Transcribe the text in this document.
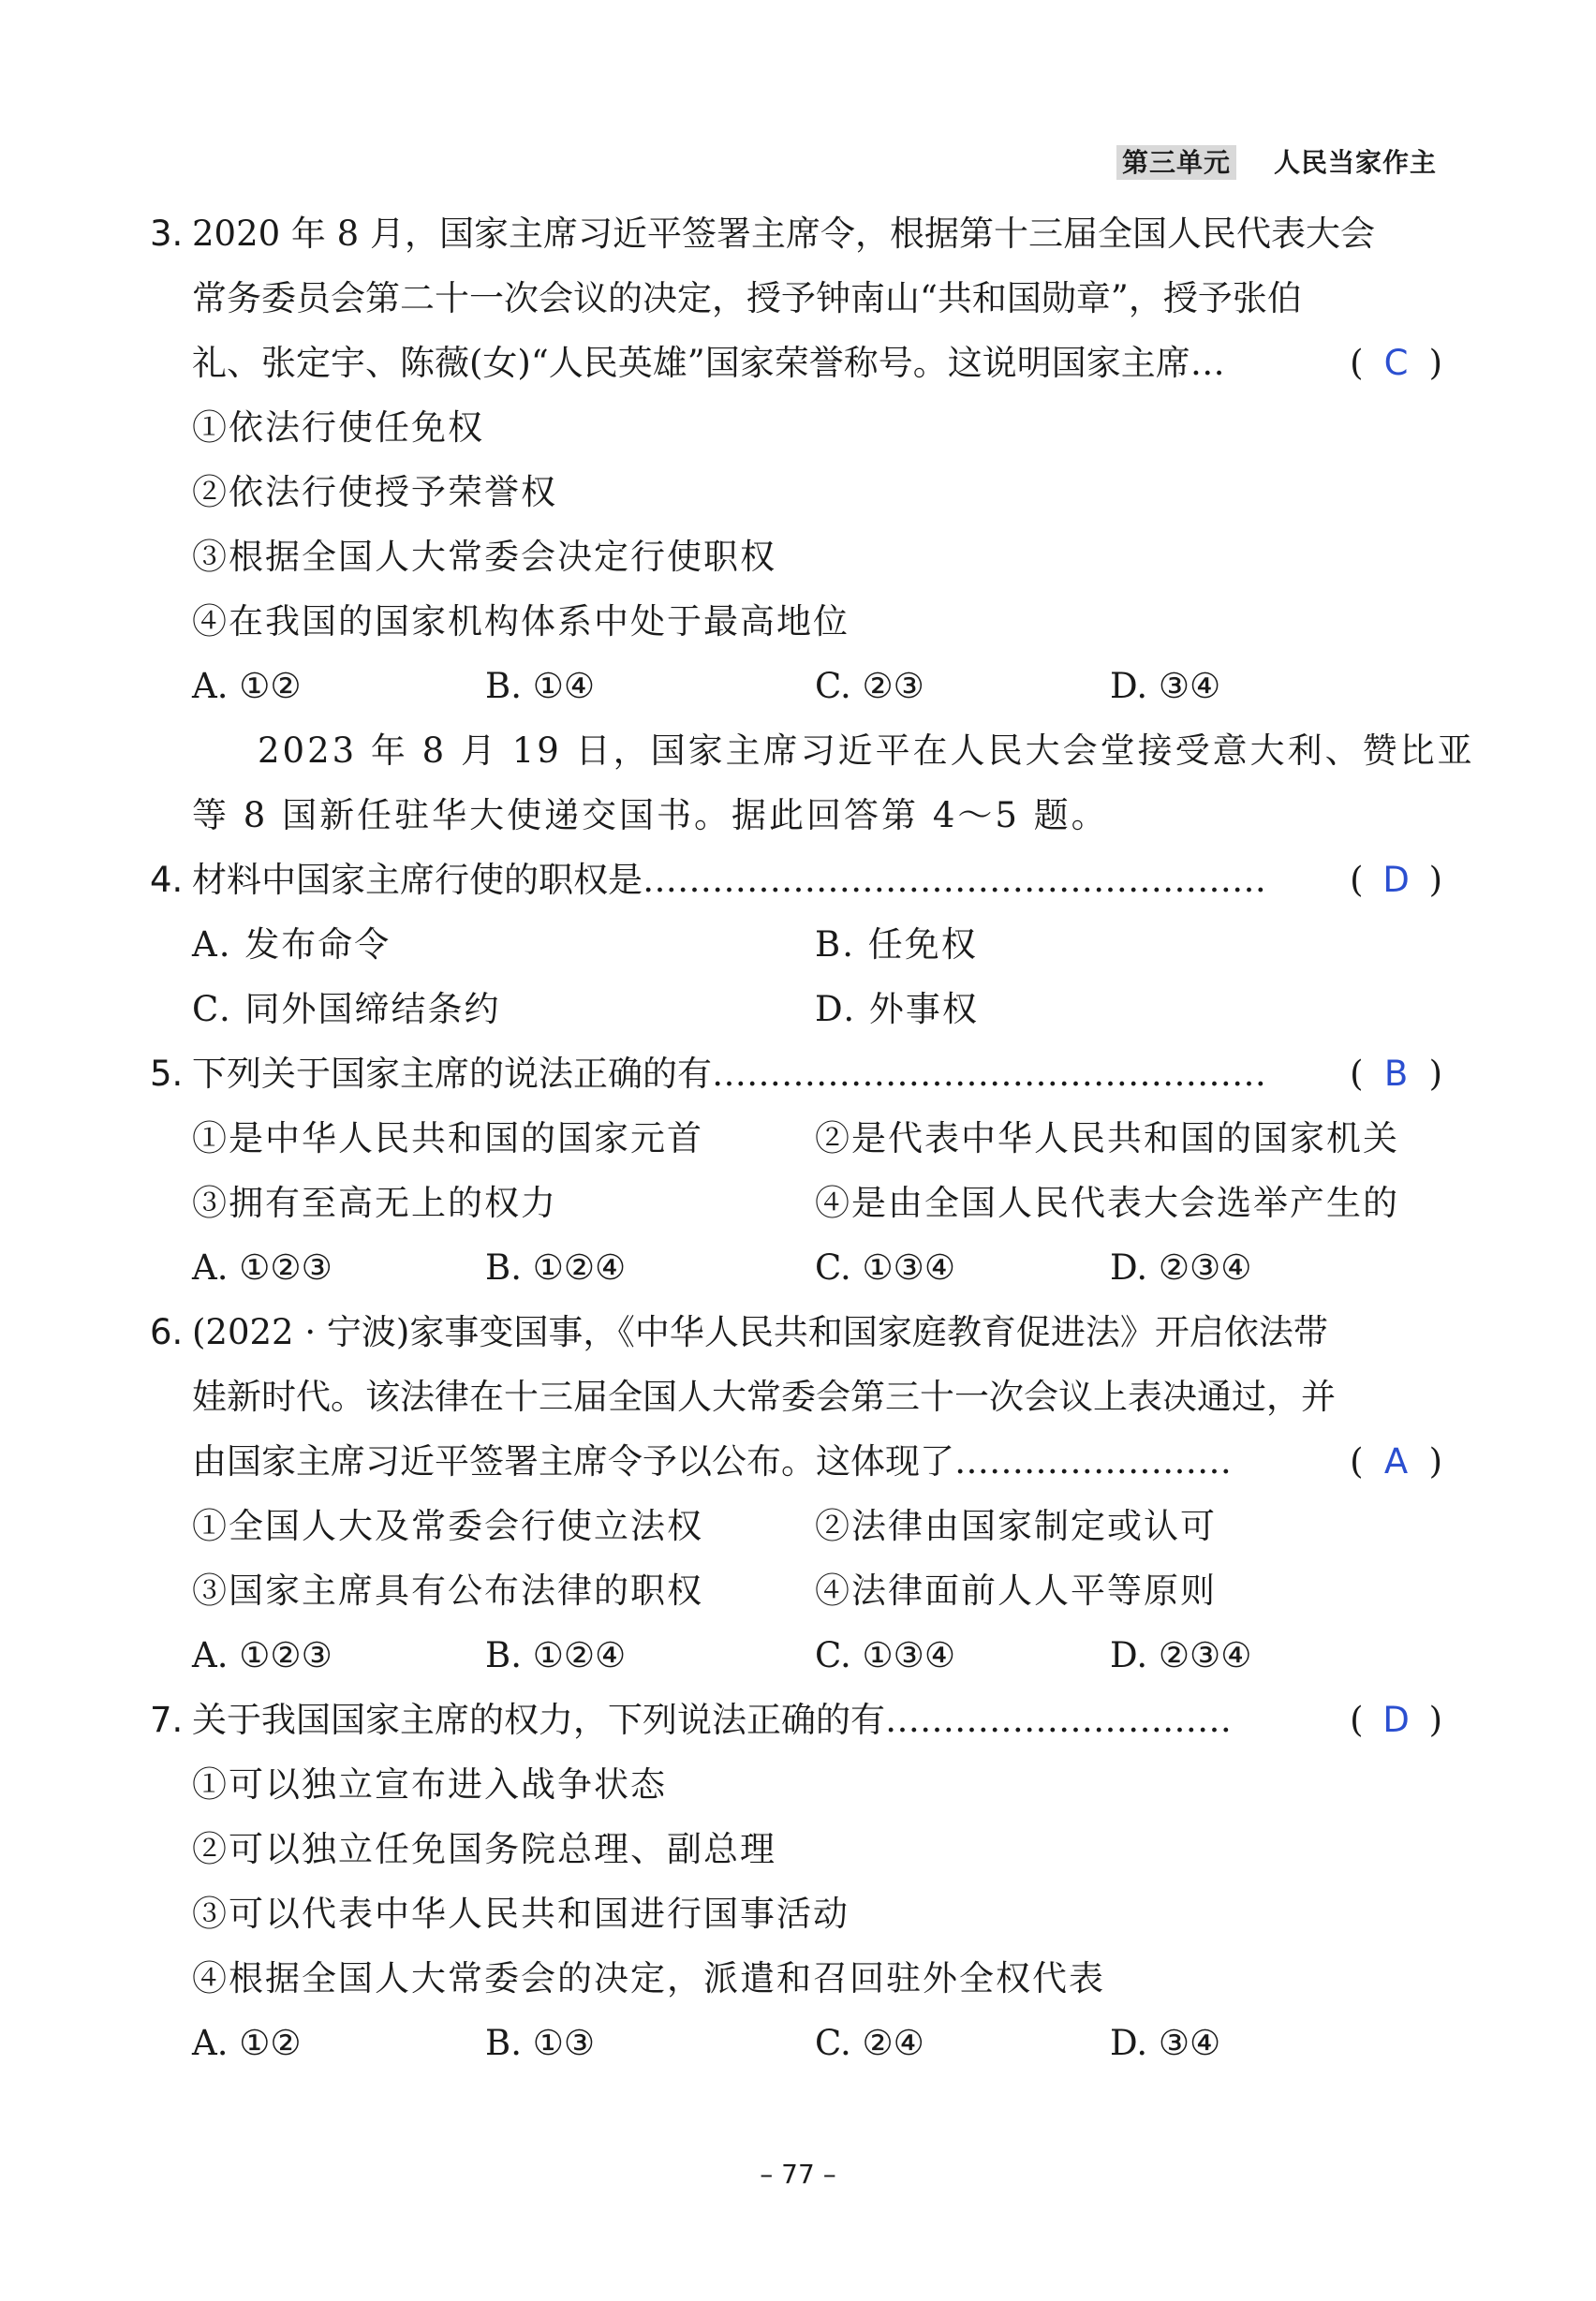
第三单元 人民当家作主
3. 2020 年 8 月，国家主席习近平签署主席令，根据第十三届全国人民代表大会
常务委员会第二十一次会议的决定，授予钟南山“共和国勋章”，授予张伯
礼、张定宇、陈薇(女)“人民英雄”国家荣誉称号。这说明国家主席…	( C )
①依法行使任免权
②依法行使授予荣誉权
③根据全国人大常委会决定行使职权
④在我国的国家机构体系中处于最高地位
A. ①②	B. ①④	C. ②③	D. ③④
2023 年 8 月 19 日，国家主席习近平在人民大会堂接受意大利、赞比亚
等 8 国新任驻华大使递交国书。据此回答第 4～5 题。
4. 材料中国家主席行使的职权是……………………………………………… ( D )
A. 发布命令	B. 任免权
C. 同外国缔结条约	D. 外事权
5. 下列关于国家主席的说法正确的有………………………………………… ( B )
①是中华人民共和国的国家元首	②是代表中华人民共和国的国家机关
③拥有至高无上的权力	④是由全国人民代表大会选举产生的
A. ①②③	B. ①②④	C. ①③④	D. ②③④
6. (2022 · 宁波)家事变国事，《中华人民共和国家庭教育促进法》开启依法带
娃新时代。该法律在十三届全国人大常委会第三十一次会议上表决通过，并
由国家主席习近平签署主席令予以公布。这体现了……………………	( A )
①全国人大及常委会行使立法权	②法律由国家制定或认可
③国家主席具有公布法律的职权	④法律面前人人平等原则
A. ①②③	B. ①②④	C. ①③④	D. ②③④
7. 关于我国国家主席的权力，下列说法正确的有…………………………	( D )
①可以独立宣布进入战争状态
②可以独立任免国务院总理、副总理
③可以代表中华人民共和国进行国事活动
④根据全国人大常委会的决定，派遣和召回驻外全权代表
A. ①②	B. ①③	C. ②④	D. ③④
– 77 –
